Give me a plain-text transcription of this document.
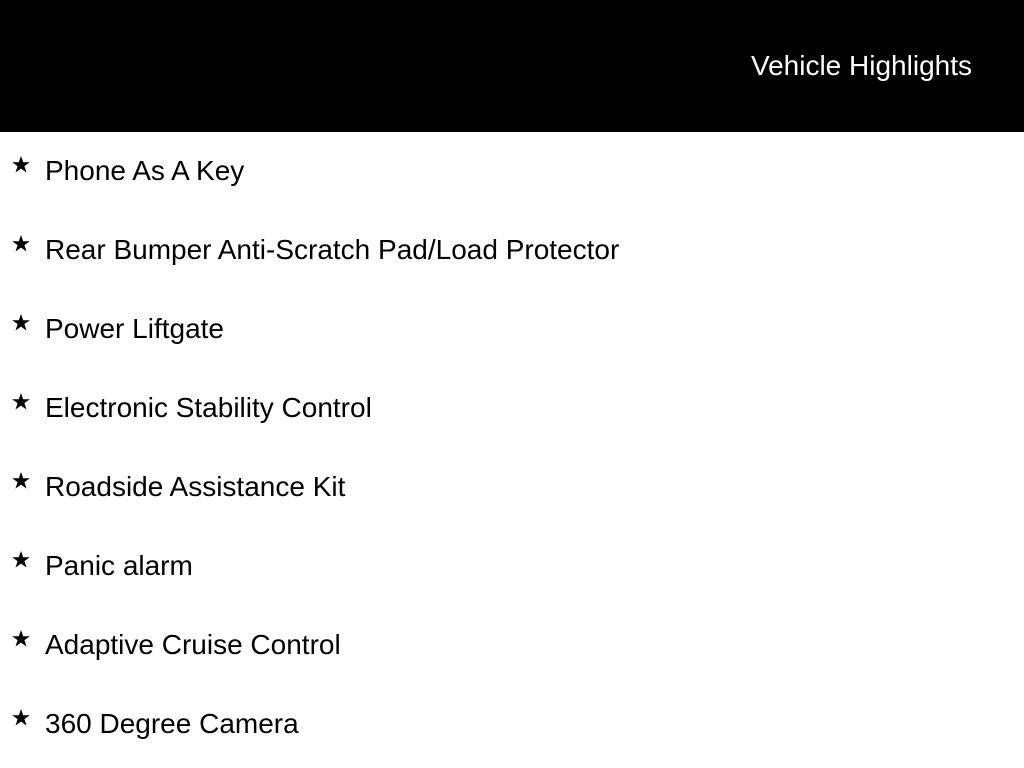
Vehicle Highlights
Phone As A Key
Rear Bumper Anti-Scratch Pad/Load Protector
Power Liftgate
Electronic Stability Control
Roadside Assistance Kit
Panic alarm
Adaptive Cruise Control
360 Degree Camera
